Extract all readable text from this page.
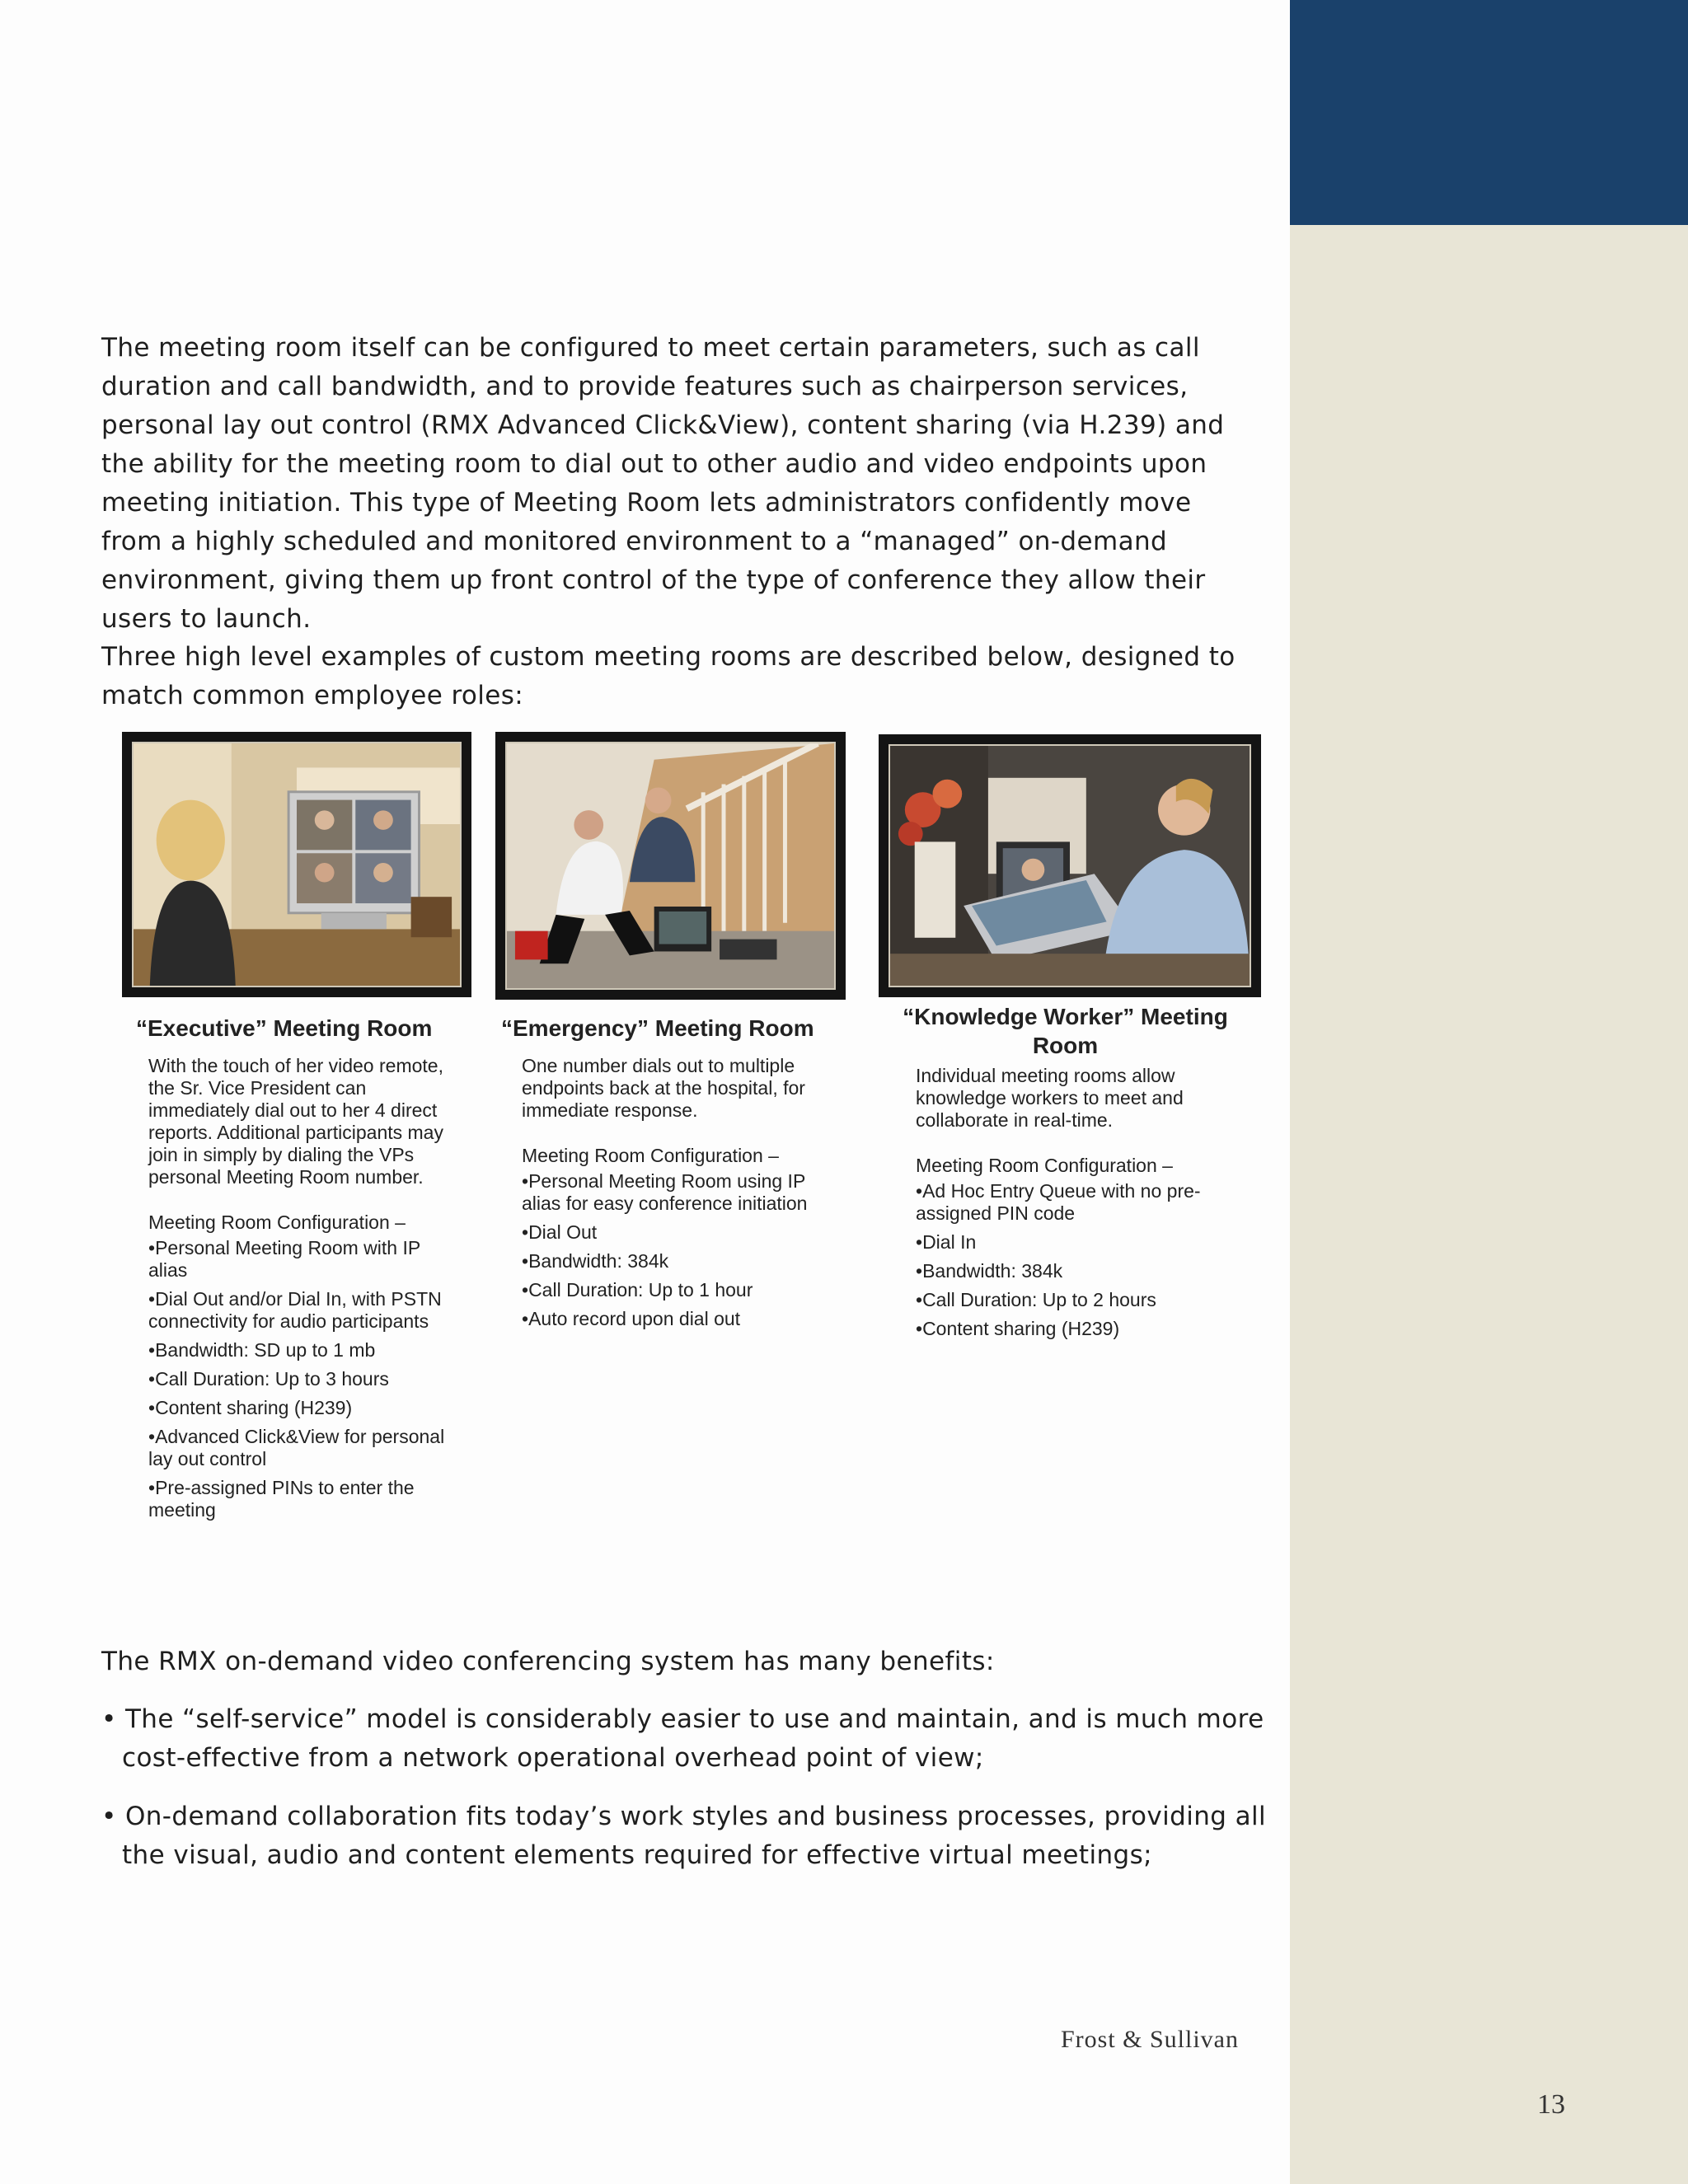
The meeting room itself can be configured to meet certain parameters, such as call duration and call bandwidth, and to provide features such as chairperson services, personal lay out control (RMX Advanced Click&View), content sharing (via H.239) and the ability for the meeting room to dial out to other audio and video endpoints upon meeting initiation. This type of Meeting Room lets administrators confidently move from a highly scheduled and monitored environment to a “managed” on-demand environment, giving them up front control of the type of conference they allow their users to launch.

Three high level examples of custom meeting rooms are described below, designed to match common employee roles:

“Executive” Meeting Room

With the touch of her video remote, the Sr. Vice President can immediately dial out to her 4 direct reports. Additional participants may join in simply by dialing the VPs personal Meeting Room number.

Meeting Room Configuration –

• Personal Meeting Room with IP alias
• Dial Out and/or Dial In, with PSTN connectivity for audio participants
• Bandwidth: SD up to 1 mb
• Call Duration: Up to 3 hours
• Content sharing (H239)
• Advanced Click&View for personal lay out control
• Pre-assigned PINs to enter the meeting

“Emergency” Meeting Room

One number dials out to multiple endpoints back at the hospital, for immediate response.

Meeting Room Configuration –

• Personal Meeting Room using IP alias for easy conference initiation
• Dial Out
• Bandwidth: 384k
• Call Duration: Up to 1 hour
• Auto record upon dial out

“Knowledge Worker” Meeting Room

Individual meeting rooms allow knowledge workers to meet and collaborate in real-time.

Meeting Room Configuration –

• Ad Hoc Entry Queue with no pre-assigned PIN code
• Dial In
• Bandwidth: 384k
• Call Duration: Up to 2 hours
• Content sharing (H239)

The RMX on-demand video conferencing system has many benefits:

• The “self-service” model is considerably easier to use and maintain, and is much more cost-effective from a network operational overhead point of view;

• On-demand collaboration fits today’s work styles and business processes, providing all the visual, audio and content elements required for effective virtual meetings;

Frost & Sullivan
13
